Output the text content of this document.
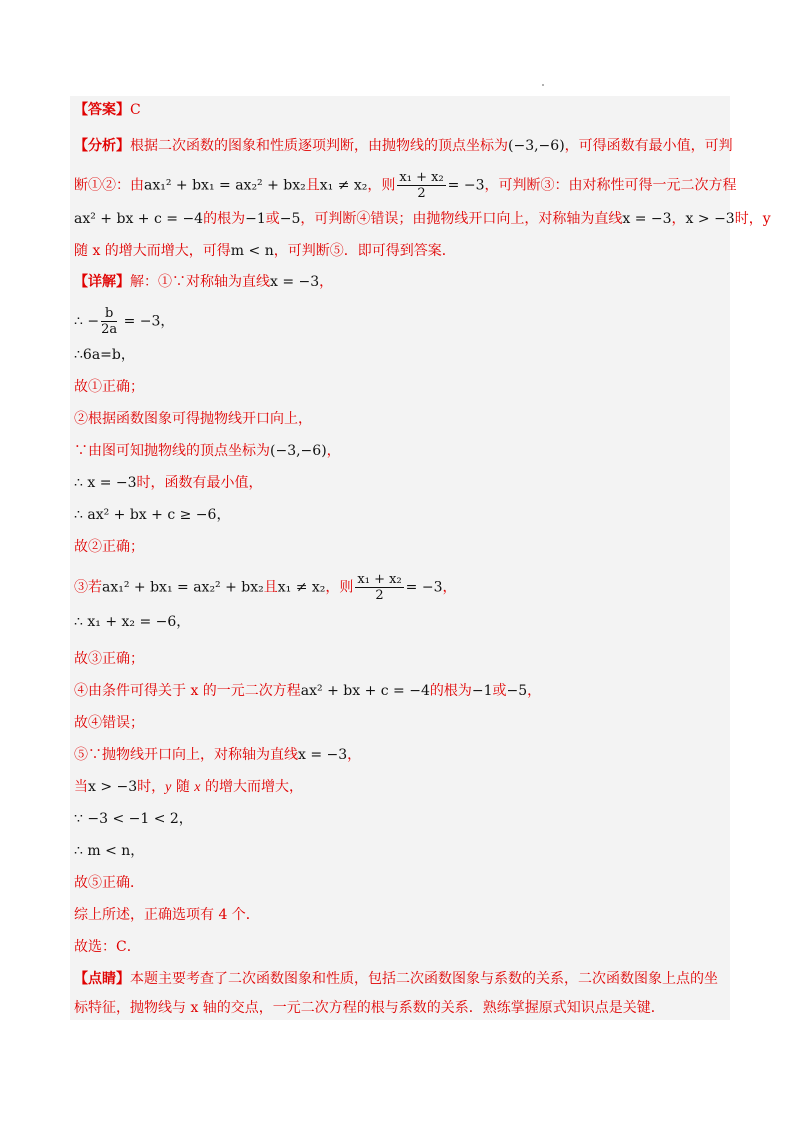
【答案】C
【分析】根据二次函数的图象和性质逐项判断，由抛物线的顶点坐标为(−3,−6)，可得函数有最小值，可判
断①②：由ax₁² + bx₁ = ax₂² + bx₂且x₁ ≠ x₂，则 $\frac{\text{x₁ + x₂}}{2} = -3$，可判断③：由对称性可得一元二次方程
ax² + bx + c = −4的根为−1或−5，可判断④错误；由抛物线开口向上，对称轴为直线x = −3，x > −3时，y
随 x 的增大而增大，可得m < n，可判断⑤．即可得到答案．
【详解】解：①∵对称轴为直线x = −3，
∴ − $\frac{b}{2a} = -3$，
∴6a=b，
故①正确；
②根据函数图象可得抛物线开口向上，
∵由图可知抛物线的顶点坐标为(−3,−6)，
∴ x = −3时，函数有最小值，
∴ ax² + bx + c ≥ −6，
故②正确；
③若ax₁² + bx₁ = ax₂² + bx₂且x₁ ≠ x₂，则 $\frac{\text{x₁ + x₂}}{2} = -3$，
∴ x₁ + x₂ = −6，
故③正确；
④由条件可得关于 x 的一元二次方程ax² + bx + c = −4的根为−1或−5，
故④错误；
⑤∵抛物线开口向上，对称轴为直线x = −3，
当x > −3时，y 随 x 的增大而增大，
∵ −3 < −1 < 2，
∴ m < n，
故⑤正确．
综上所述，正确选项有 4 个．
故选：C．
【点睛】本题主要考查了二次函数图象和性质，包括二次函数图象与系数的关系，二次函数图象上点的坐
标特征，抛物线与 x 轴的交点，一元二次方程的根与系数的关系．熟练掌握原式知识点是关键．
